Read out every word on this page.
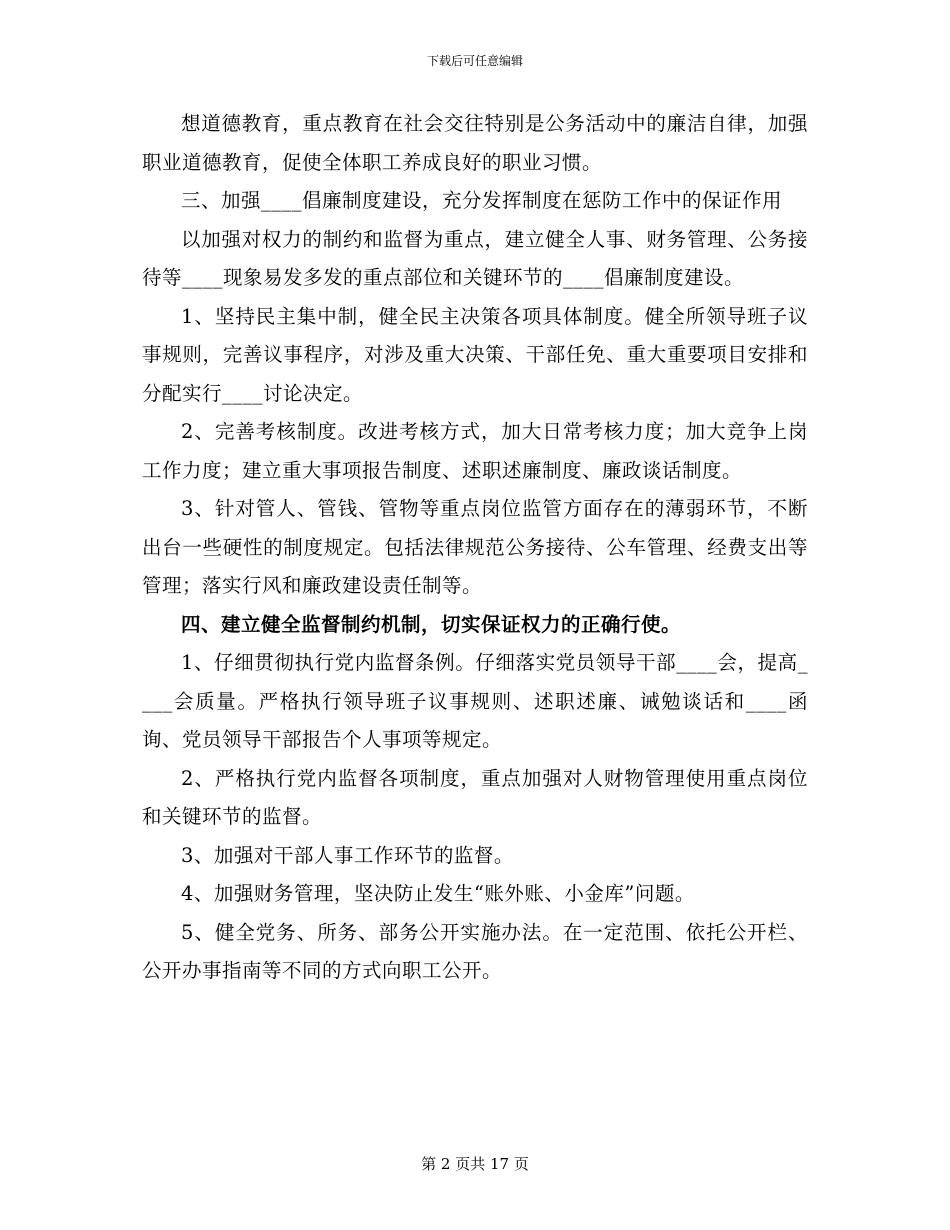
下载后可任意编辑

想道德教育，重点教育在社会交往特别是公务活动中的廉洁自律，加强职业道德教育，促使全体职工养成良好的职业习惯。

三、加强____倡廉制度建设，充分发挥制度在惩防工作中的保证作用

以加强对权力的制约和监督为重点，建立健全人事、财务管理、公务接待等____现象易发多发的重点部位和关键环节的____倡廉制度建设。

1、坚持民主集中制，健全民主决策各项具体制度。健全所领导班子议事规则，完善议事程序，对涉及重大决策、干部任免、重大重要项目安排和分配实行____讨论决定。

2、完善考核制度。改进考核方式，加大日常考核力度；加大竞争上岗工作力度；建立重大事项报告制度、述职述廉制度、廉政谈话制度。

3、针对管人、管钱、管物等重点岗位监管方面存在的薄弱环节，不断出台一些硬性的制度规定。包括法律规范公务接待、公车管理、经费支出等管理；落实行风和廉政建设责任制等。

四、建立健全监督制约机制，切实保证权力的正确行使。

1、仔细贯彻执行党内监督条例。仔细落实党员领导干部____会，提高____会质量。严格执行领导班子议事规则、述职述廉、诫勉谈话和____函询、党员领导干部报告个人事项等规定。

2、严格执行党内监督各项制度，重点加强对人财物管理使用重点岗位和关键环节的监督。

3、加强对干部人事工作环节的监督。

4、加强财务管理，坚决防止发生“账外账、小金库”问题。

5、健全党务、所务、部务公开实施办法。在一定范围、依托公开栏、公开办事指南等不同的方式向职工公开。

第 2 页共 17 页
